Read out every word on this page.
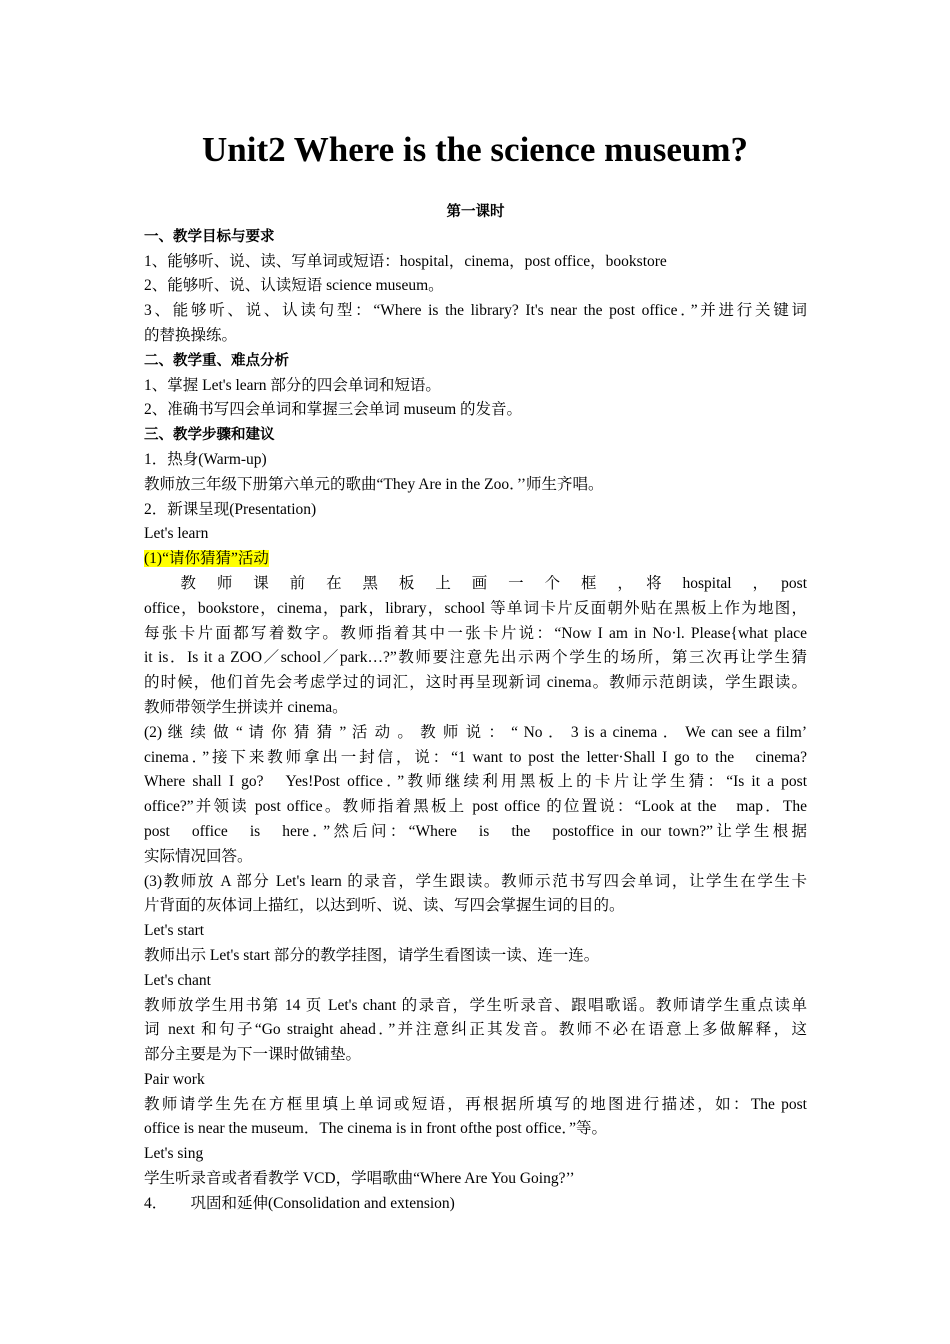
Unit2 Where is the science museum?
第一课时
一、教学目标与要求
1、能够听、说、读、写单词或短语：hospital，cinema，post office，bookstore
2、能够听、说、认读短语 science museum。
3、能够听、说、认读句型：“Where is the library? It's near the post office．”并进行关键词
的替换操练。
二、教学重、难点分析
1、掌握 Let's learn 部分的四会单词和短语。
2、准确书写四会单词和掌握三会单词 museum 的发音。
三、教学步骤和建议
1．热身(Warm-up)
教师放三年级下册第六单元的歌曲“They Are in the Zoo．’’师生齐唱。
2．新课呈现(Presentation)
Let's learn
(1)“请你猜猜”活动
　　教　师　课　前　在　黑　板　上　画　一　个　框　，　将　hospital　，　post
office，bookstore，cinema，park，library，school 等单词卡片反面朝外贴在黑板上作为地图，
每张卡片面都写着数字。教师指着其中一张卡片说：“Now I am in No·l. Please{what place
it is．Is it a ZOO／school／park…?”教师要注意先出示两个学生的场所，第三次再让学生猜
的时候，他们首先会考虑学过的词汇，这时再呈现新词 cinema。教师示范朗读，学生跟读。
教师带领学生拼读并 cinema。
(2) 继 续 做 “ 请 你 猜 猜 ” 活 动 。 教 师 说 ： “ No ． 3 is a cinema ． We can see a film’
cinema．”接下来教师拿出一封信，说：“1 want to post the letter·Shall I go to the　cinema?
Where shall I go?　Yes!Post office．”教师继续利用黑板上的卡片让学生猜：“Is it a post
office?”并领读 post office。教师指着黑板上 post office 的位置说：“Look at the　map．The
post　office　is　here．”然后问：“Where　is　the　postoffice in our town?”让学生根据
实际情况回答。
(3)教师放 A 部分 Let's learn 的录音，学生跟读。教师示范书写四会单词，让学生在学生卡
片背面的灰体词上描红，以达到听、说、读、写四会掌握生词的目的。
Let's start
教师出示 Let's start 部分的教学挂图，请学生看图读一读、连一连。
Let's chant
教师放学生用书第 14 页 Let's chant 的录音，学生听录音、跟唱歌谣。教师请学生重点读单
词 next 和句子“Go straight ahead．”并注意纠正其发音。教师不必在语意上多做解释，这
部分主要是为下一课时做铺垫。
Pair work
教师请学生先在方框里填上单词或短语，再根据所填写的地图进行描述，如：The post
office is near the museum．The cinema is in front ofthe post office．”等。
Let's sing
学生听录音或者看教学 VCD，学唱歌曲“Where Are You Going?’’
4．　　巩固和延伸(Consolidation and extension)
